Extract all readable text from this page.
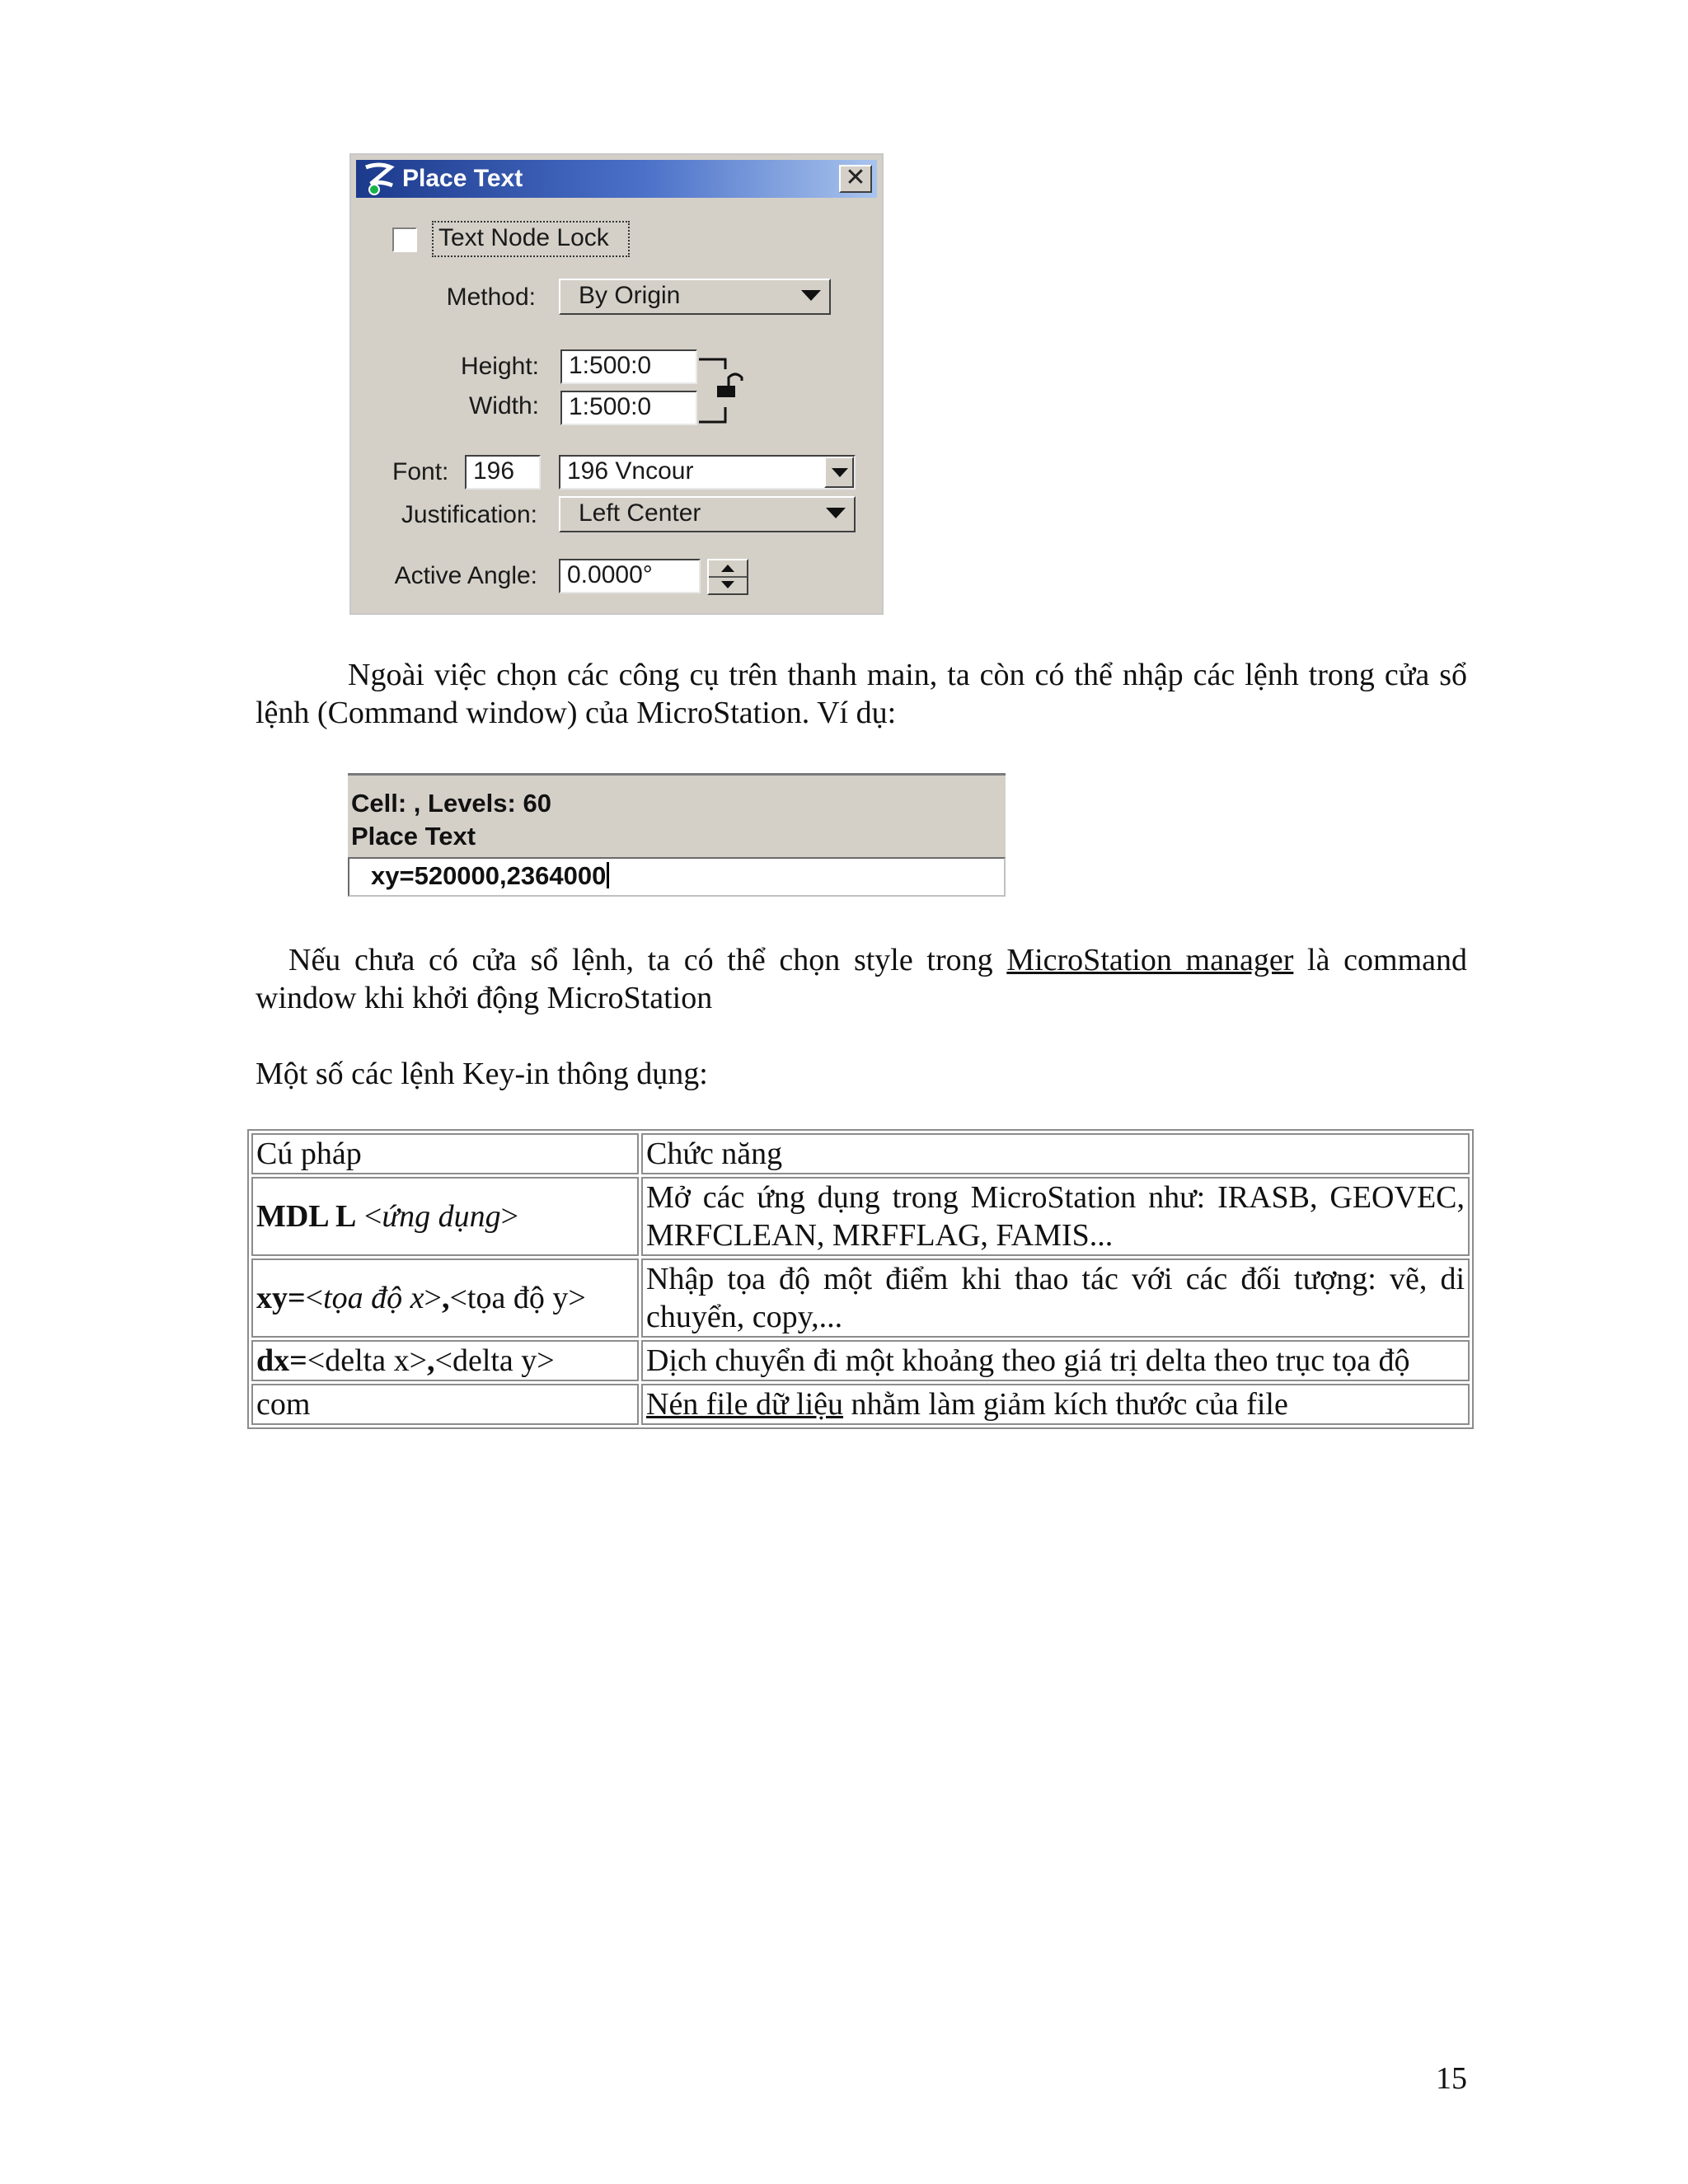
Place Text	✕
Text Node Lock
Method:	By Origin
Height:	1:500:0
Width:	1:500:0
Font: 196	196 Vncour
Justification:	Left Center
Active Angle:	0.0000°
Ngoài việc chọn các công cụ trên thanh main, ta còn có thể nhập các lệnh trong cửa sổ lệnh (Command window) của MicroStation. Ví dụ:
Cell: , Levels: 60
Place Text
xy=520000,2364000
Nếu chưa có cửa sổ lệnh, ta có thể chọn style trong MicroStation manager là command window khi khởi động MicroStation
Một số các lệnh Key-in thông dụng:
Cú pháp	Chức năng
MDL L <ứng dụng>	Mở các ứng dụng trong MicroStation như: IRASB, GEOVEC, MRFCLEAN, MRFFLAG, FAMIS...
xy=<tọa độ x>,<tọa độ y>	Nhập tọa độ một điểm khi thao tác với các đối tượng: vẽ, di chuyển, copy,...
dx=<delta x>,<delta y>	Dịch chuyển đi một khoảng theo giá trị delta theo trục tọa độ
com	Nén file dữ liệu nhằm làm giảm kích thước của file
15
